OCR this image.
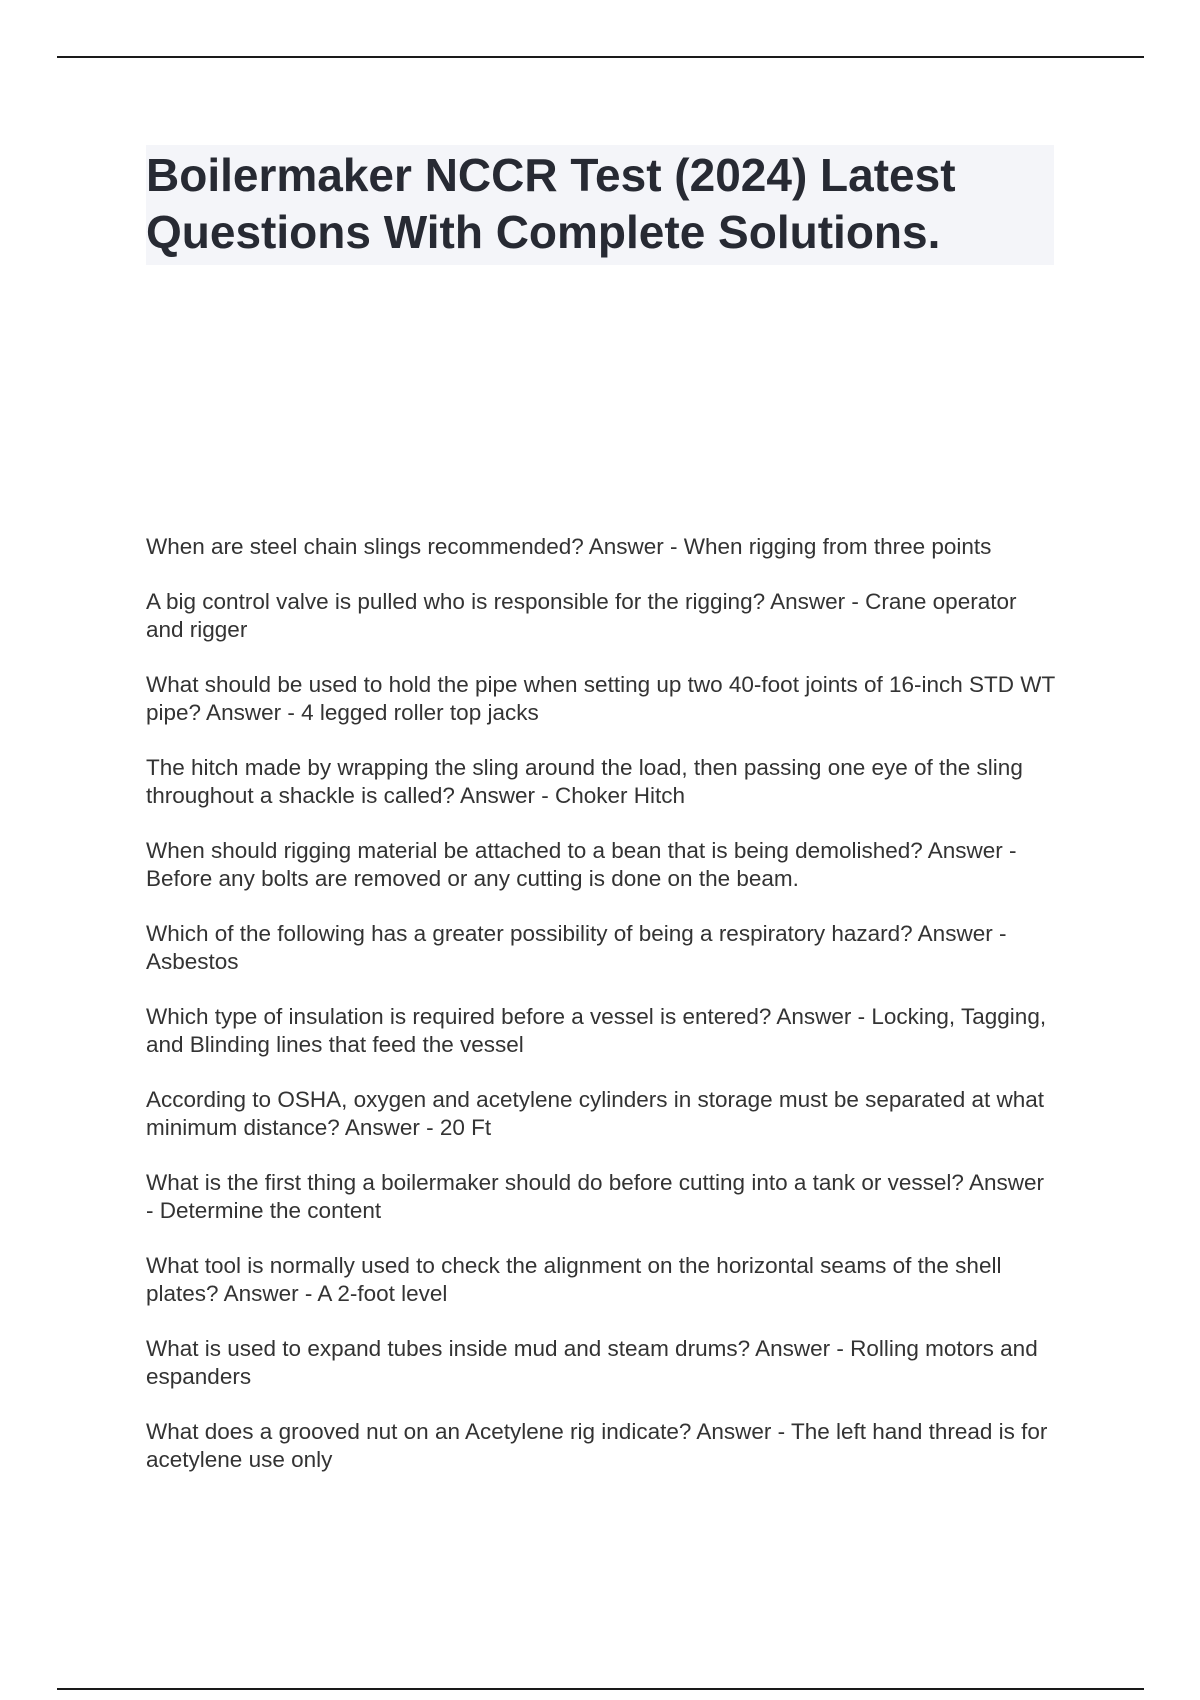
Boilermaker NCCR Test (2024) Latest Questions With Complete Solutions.
When are steel chain slings recommended? Answer - When rigging from three points
A big control valve is pulled who is responsible for the rigging? Answer - Crane operator and rigger
What should be used to hold the pipe when setting up two 40-foot joints of 16-inch STD WT pipe? Answer - 4 legged roller top jacks
The hitch made by wrapping the sling around the load, then passing one eye of the sling throughout a shackle is called? Answer - Choker Hitch
When should rigging material be attached to a bean that is being demolished? Answer - Before any bolts are removed or any cutting is done on the beam.
Which of the following has a greater possibility of being a respiratory hazard? Answer - Asbestos
Which type of insulation is required before a vessel is entered? Answer - Locking, Tagging, and Blinding lines that feed the vessel
According to OSHA, oxygen and acetylene cylinders in storage must be separated at what minimum distance? Answer - 20 Ft
What is the first thing a boilermaker should do before cutting into a tank or vessel? Answer - Determine the content
What tool is normally used to check the alignment on the horizontal seams of the shell plates? Answer - A 2-foot level
What is used to expand tubes inside mud and steam drums? Answer - Rolling motors and espanders
What does a grooved nut on an Acetylene rig indicate? Answer - The left hand thread is for acetylene use only
